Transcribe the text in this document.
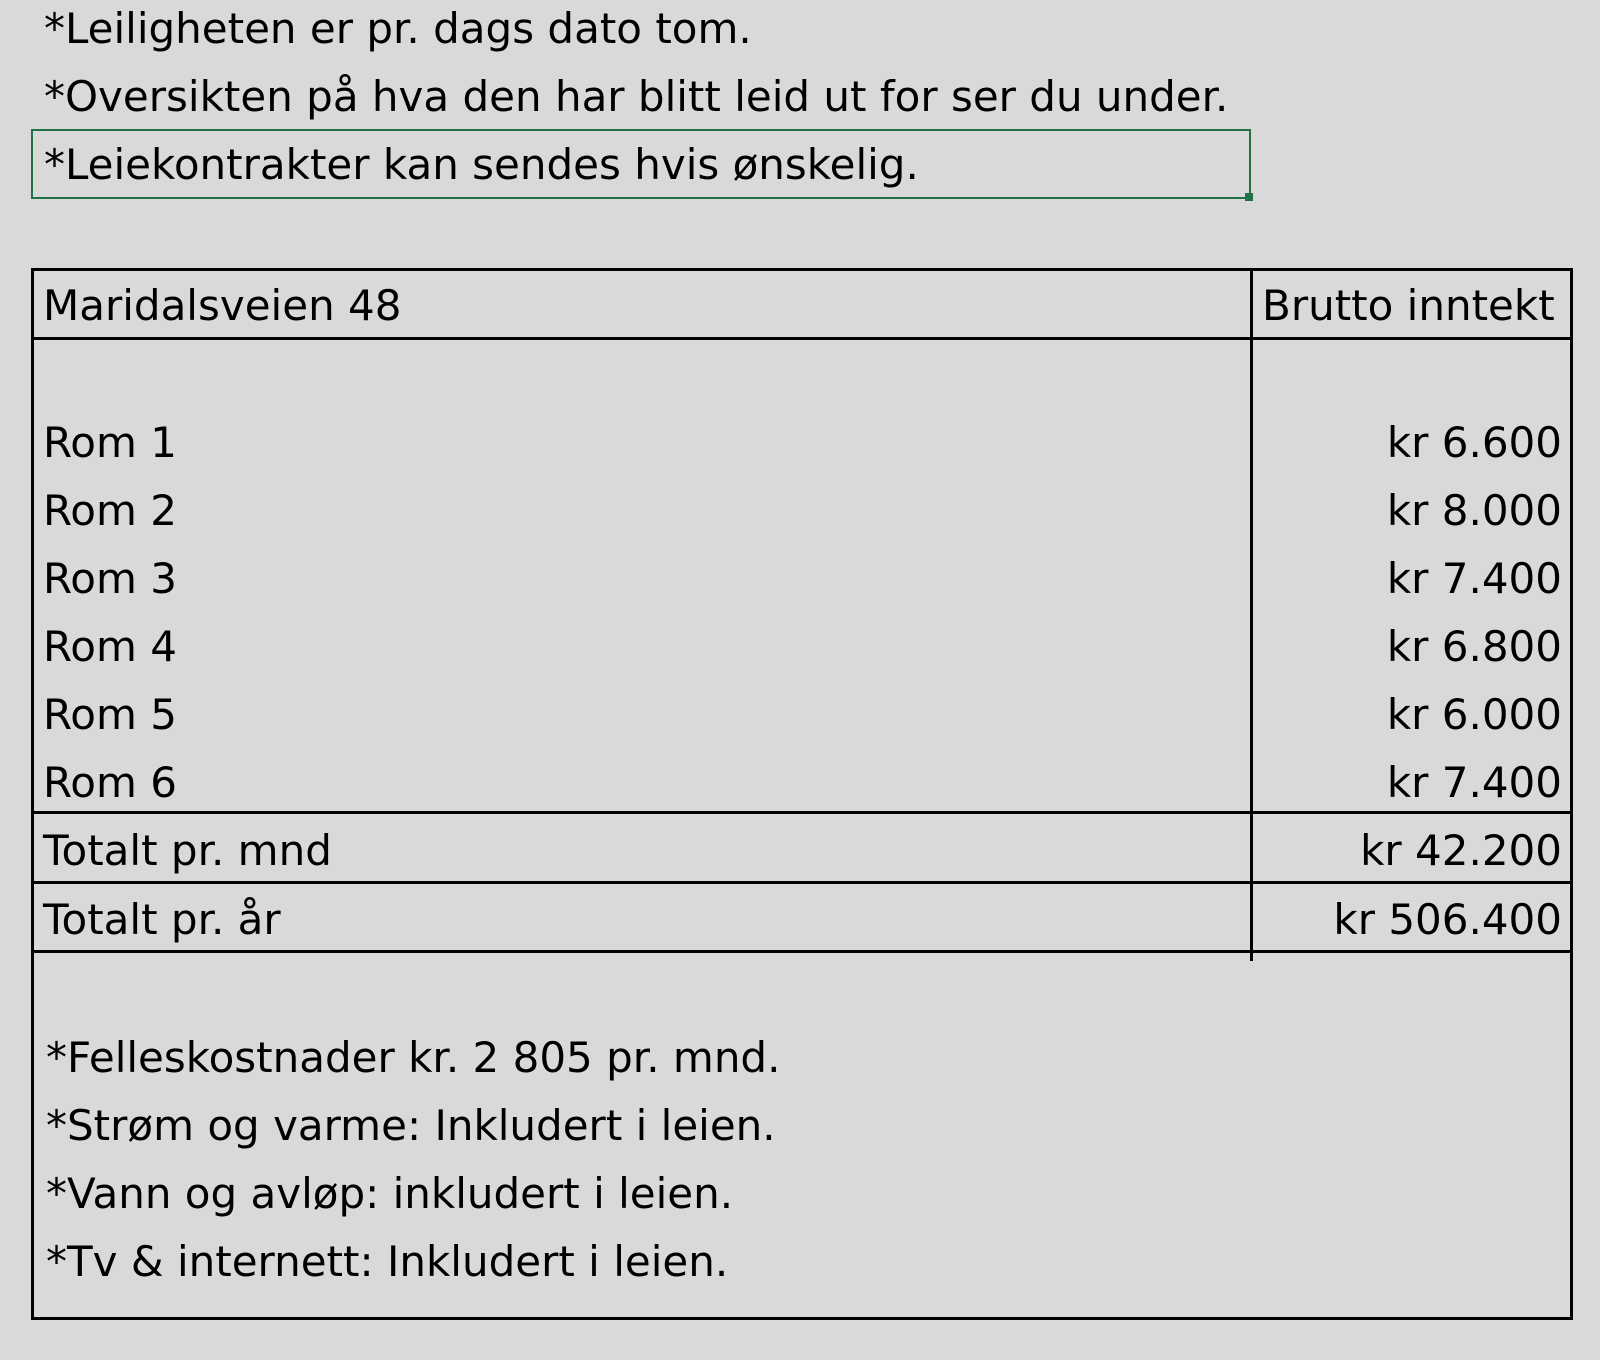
*Leiligheten er pr. dags dato tom.
*Oversikten på hva den har blitt leid ut for ser du under.
*Leiekontrakter kan sendes hvis ønskelig.
Maridalsveien 48	Brutto inntekt
Rom 1	kr 6.600
Rom 2	kr 8.000
Rom 3	kr 7.400
Rom 4	kr 6.800
Rom 5	kr 6.000
Rom 6	kr 7.400
Totalt pr. mnd	kr 42.200
Totalt pr. år	kr 506.400
*Felleskostnader kr. 2 805 pr. mnd.
*Strøm og varme: Inkludert i leien.
*Vann og avløp: inkludert i leien.
*Tv & internett: Inkludert i leien.
